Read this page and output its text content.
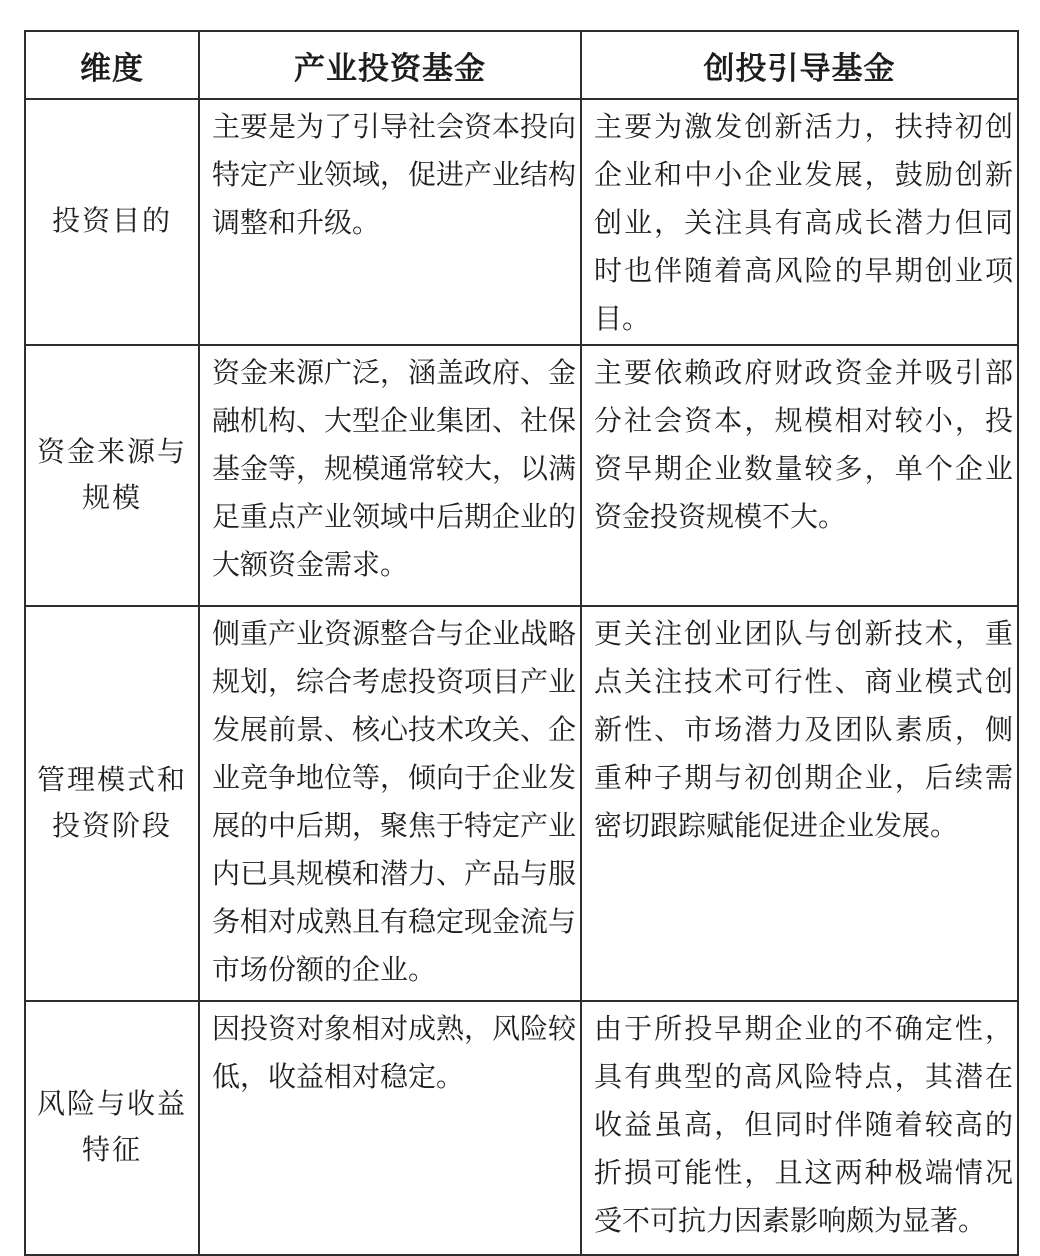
维度	产业投资基金	创投引导基金

投资目的	主要是为了引导社会资本投向特定产业领域，促进产业结构调整和升级。	主要为激发创新活力，扶持初创企业和中小企业发展，鼓励创新创业，关注具有高成长潜力但同时也伴随着高风险的早期创业项目。

资金来源与
规模	资金来源广泛，涵盖政府、金融机构、大型企业集团、社保基金等，规模通常较大，以满足重点产业领域中后期企业的大额资金需求。	主要依赖政府财政资金并吸引部分社会资本，规模相对较小，投资早期企业数量较多，单个企业资金投资规模不大。

管理模式和
投资阶段	侧重产业资源整合与企业战略规划，综合考虑投资项目产业发展前景、核心技术攻关、企业竞争地位等，倾向于企业发展的中后期，聚焦于特定产业内已具规模和潜力、产品与服务相对成熟且有稳定现金流与市场份额的企业。	更关注创业团队与创新技术，重点关注技术可行性、商业模式创新性、市场潜力及团队素质，侧重种子期与初创期企业，后续需密切跟踪赋能促进企业发展。

风险与收益
特征	因投资对象相对成熟，风险较低，收益相对稳定。	由于所投早期企业的不确定性，具有典型的高风险特点，其潜在收益虽高，但同时伴随着较高的折损可能性，且这两种极端情况受不可抗力因素影响颇为显著。
